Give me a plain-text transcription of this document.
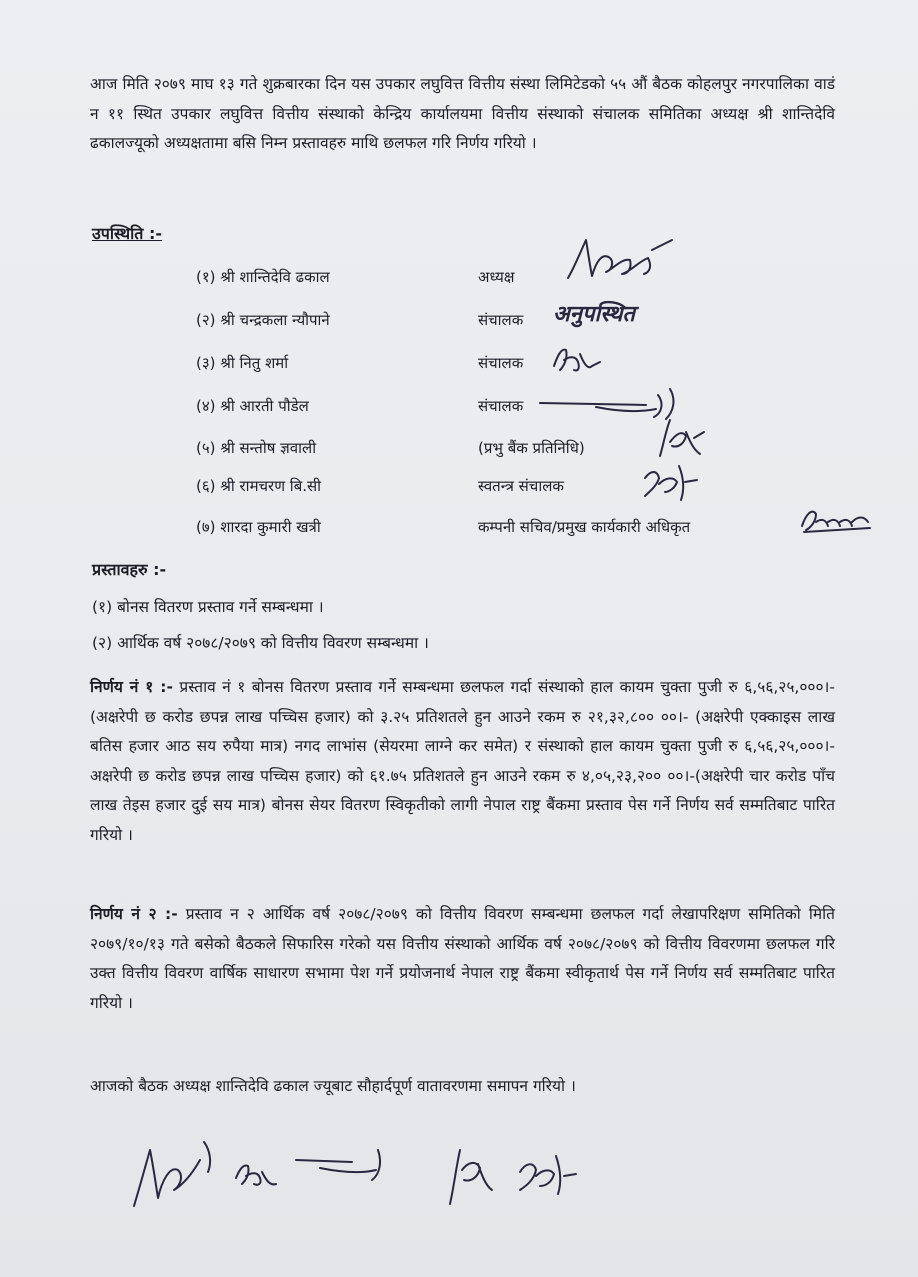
आज मिति २०७९ माघ १३ गते शुक्रबारका दिन यस उपकार लघुवित्त वित्तीय संस्था लिमिटेडको ५५ औं बैठक कोहलपुर नगरपालिका वाडं न ११ स्थित उपकार लघुवित्त वित्तीय संस्थाको केन्द्रिय कार्यालयमा वित्तीय संस्थाको संचालक समितिका अध्यक्ष श्री शान्तिदेवि ढकालज्यूको अध्यक्षतामा बसि निम्न प्रस्तावहरु माथि छलफल गरि निर्णय गरियो ।
उपस्थिति :-
(१) श्री शान्तिदेवि ढकाल	अध्यक्ष
(२) श्री चन्द्रकला न्यौपाने	संचालक
(३) श्री नितु शर्मा	संचालक
(४) श्री आरती पौडेल	संचालक
(५) श्री सन्तोष ज्ञवाली	(प्रभु बैंक प्रतिनिधि)
(६) श्री रामचरण बि.सी	स्वतन्त्र संचालक
(७) शारदा कुमारी खत्री	कम्पनी सचिव/प्रमुख कार्यकारी अधिकृत
अनुपस्थित
प्रस्तावहरु :-
(१) बोनस वितरण प्रस्ताव गर्ने सम्बन्धमा ।
(२) आर्थिक वर्ष २०७८/२०७९ को वित्तीय विवरण सम्बन्धमा ।
निर्णय नं १ :- प्रस्ताव नं १ बोनस वितरण प्रस्ताव गर्ने सम्बन्धमा छलफल गर्दा संस्थाको हाल कायम चुक्ता पुजी रु ६,५६,२५,०००।- (अक्षरेपी छ करोड छपन्न लाख पच्चिस हजार) को ३.२५ प्रतिशतले हुन आउने रकम रु २१,३२,८०० ००।- (अक्षरेपी एक्काइस लाख बतिस हजार आठ सय रुपैया मात्र) नगद लाभांस (सेयरमा लाग्ने कर समेत) र संस्थाको हाल कायम चुक्ता पुजी रु ६,५६,२५,०००।- अक्षरेपी छ करोड छपन्न लाख पच्चिस हजार) को ६१.७५ प्रतिशतले हुन आउने रकम रु ४,०५,२३,२०० ००।-(अक्षरेपी चार करोड पाँच लाख तेइस हजार दुई सय मात्र) बोनस सेयर वितरण स्विकृतीको लागी नेपाल राष्ट्र बैंकमा प्रस्ताव पेस गर्ने निर्णय सर्व सम्मतिबाट पारित गरियो ।
निर्णय नं २ :- प्रस्ताव न २ आर्थिक वर्ष २०७८/२०७९ को वित्तीय विवरण सम्बन्धमा छलफल गर्दा लेखापरिक्षण समितिको मिति २०७९/१०/१३ गते बसेको बैठकले सिफारिस गरेको यस वित्तीय संस्थाको आर्थिक वर्ष २०७८/२०७९ को वित्तीय विवरणमा छलफल गरि उक्त वित्तीय विवरण वार्षिक साधारण सभामा पेश गर्ने प्रयोजनार्थ नेपाल राष्ट्र बैंकमा स्वीकृतार्थ पेस गर्ने निर्णय सर्व सम्मतिबाट पारित गरियो ।
आजको बैठक अध्यक्ष शान्तिदेवि ढकाल ज्यूबाट सौहार्दपूर्ण वातावरणमा समापन गरियो ।
